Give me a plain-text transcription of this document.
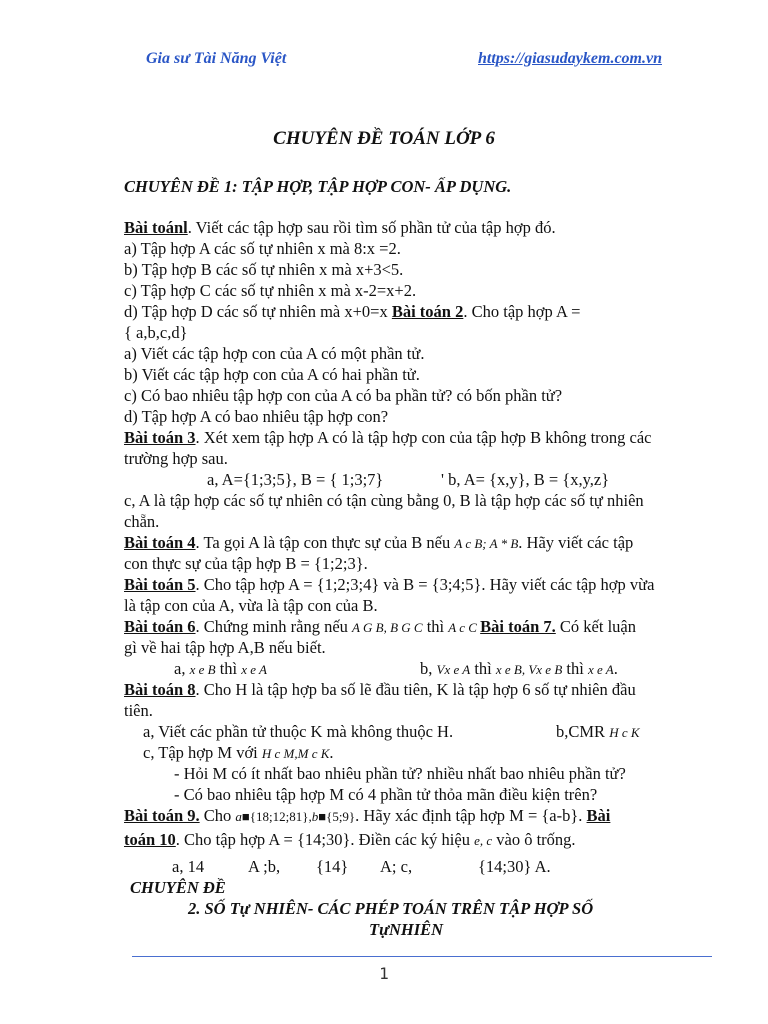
Gia sư Tài Năng Việt	https://giasudaykem.com.vn
CHUYÊN ĐỀ TOÁN LỚP 6
CHUYÊN ĐỀ 1: TẬP HỢP, TẬP HỢP CON- ẤP DỤNG.
Bài toánl. Viết các tập hợp sau rồi tìm số phần tử của tập hợp đó.
a) Tập hợp A các số tự nhiên x mà 8:x =2.
b) Tập hợp B các số tự nhiên x mà x+3<5.
c) Tập hợp C các số tự nhiên x mà x-2=x+2.
d) Tập hợp D các số tự nhiên mà x+0=x Bài toán 2. Cho tập hợp A =
{ a,b,c,d}
a) Viết các tập hợp con của A có một phần tử.
b) Viết các tập hợp con của A có hai phần tử.
c) Có bao nhiêu tập hợp con của A có ba phần tử? có bốn phần tử?
d) Tập hợp A có bao nhiêu tập hợp con?
Bài toán 3. Xét xem tập hợp A có là tập hợp con của tập hợp B không trong các
trường hợp sau.
a, A={1;3;5}, B = { 1;3;7}	' b, A= {x,y}, B = {x,y,z}
c, A là tập hợp các số tự nhiên có tận cùng bằng 0, B là tập hợp các số tự nhiên
chẵn.
Bài toán 4. Ta gọi A là tập con thực sự của B nếu A c B; A * B. Hãy viết các tập
con thực sự của tập hợp B = {1;2;3}.
Bài toán 5. Cho tập hợp A = {1;2;3;4} và B = {3;4;5}. Hãy viết các tập hợp vừa
là tập con của A, vừa là tập con của B.
Bài toán 6. Chứng minh rằng nếu A G B, B G C thì A c C Bài toán 7. Có kết luận
gì về hai tập hợp A,B nếu biết.
a, x e B thì x e A	b, Vx e A thì x e B, Vx e B thì x e A.
Bài toán 8. Cho H là tập hợp ba số lẽ đầu tiên, K là tập hợp 6 số tự nhiên đầu
tiên.
a, Viết các phần tử thuộc K mà không thuộc H.	b,CMR H c K
c, Tập hợp M với H c M,M c K.
- Hỏi M có ít nhất bao nhiêu phần tử? nhiều nhất bao nhiêu phần tử?
- Có bao nhiêu tập hợp M có 4 phần tử thỏa mãn điều kiện trên?
Bài toán 9. Cho a■{18;12;81},b■{5;9}. Hãy xác định tập hợp M = {a-b}. Bài
toán 10. Cho tập hợp A = {14;30}. Điền các ký hiệu e, c vào ô trống.
a, 14	A ;b, {14} A; c,	{14;30} A.
CHUYÊN ĐỀ
2. SỐ Tự NHIÊN- CÁC PHÉP TOÁN TRÊN TẬP HỢP SỐ
TựNHIÊN
1
